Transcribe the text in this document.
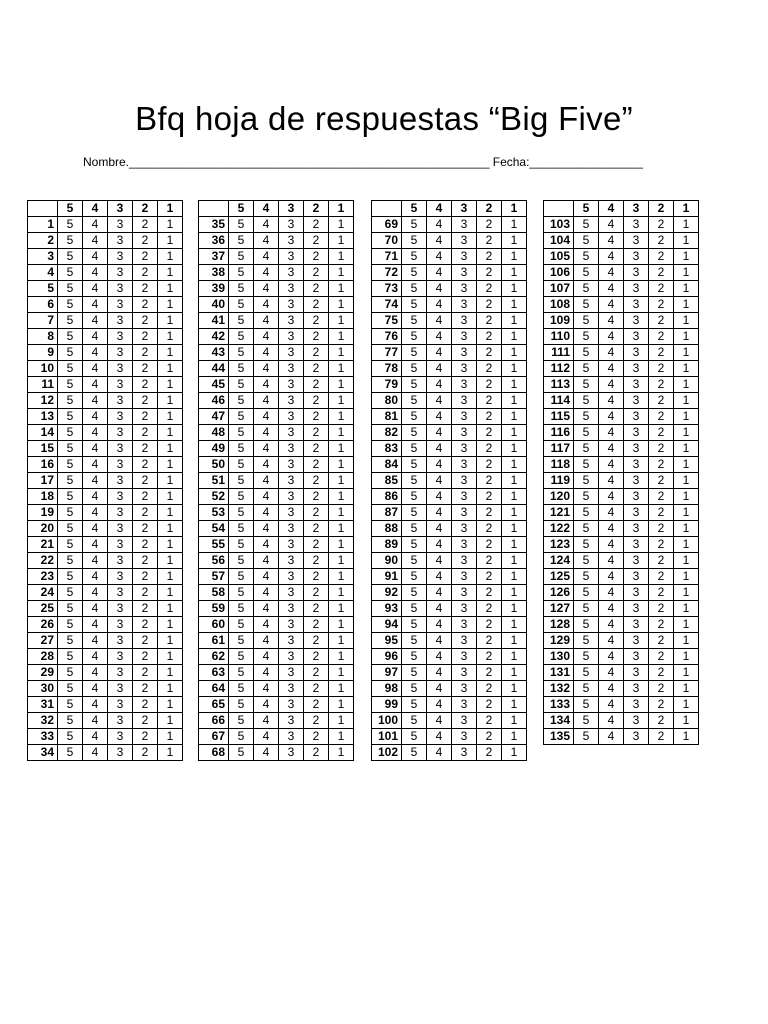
Bfq hoja de respuestas “Big Five”
Nombre.______________________________________________________ Fecha:_________________
	5	4	3	2	1
1	5	4	3	2	1
2	5	4	3	2	1
3	5	4	3	2	1
4	5	4	3	2	1
5	5	4	3	2	1
6	5	4	3	2	1
7	5	4	3	2	1
8	5	4	3	2	1
9	5	4	3	2	1
10	5	4	3	2	1
11	5	4	3	2	1
12	5	4	3	2	1
13	5	4	3	2	1
14	5	4	3	2	1
15	5	4	3	2	1
16	5	4	3	2	1
17	5	4	3	2	1
18	5	4	3	2	1
19	5	4	3	2	1
20	5	4	3	2	1
21	5	4	3	2	1
22	5	4	3	2	1
23	5	4	3	2	1
24	5	4	3	2	1
25	5	4	3	2	1
26	5	4	3	2	1
27	5	4	3	2	1
28	5	4	3	2	1
29	5	4	3	2	1
30	5	4	3	2	1
31	5	4	3	2	1
32	5	4	3	2	1
33	5	4	3	2	1
34	5	4	3	2	1
	5	4	3	2	1
35	5	4	3	2	1
36	5	4	3	2	1
37	5	4	3	2	1
38	5	4	3	2	1
39	5	4	3	2	1
40	5	4	3	2	1
41	5	4	3	2	1
42	5	4	3	2	1
43	5	4	3	2	1
44	5	4	3	2	1
45	5	4	3	2	1
46	5	4	3	2	1
47	5	4	3	2	1
48	5	4	3	2	1
49	5	4	3	2	1
50	5	4	3	2	1
51	5	4	3	2	1
52	5	4	3	2	1
53	5	4	3	2	1
54	5	4	3	2	1
55	5	4	3	2	1
56	5	4	3	2	1
57	5	4	3	2	1
58	5	4	3	2	1
59	5	4	3	2	1
60	5	4	3	2	1
61	5	4	3	2	1
62	5	4	3	2	1
63	5	4	3	2	1
64	5	4	3	2	1
65	5	4	3	2	1
66	5	4	3	2	1
67	5	4	3	2	1
68	5	4	3	2	1
	5	4	3	2	1
69	5	4	3	2	1
70	5	4	3	2	1
71	5	4	3	2	1
72	5	4	3	2	1
73	5	4	3	2	1
74	5	4	3	2	1
75	5	4	3	2	1
76	5	4	3	2	1
77	5	4	3	2	1
78	5	4	3	2	1
79	5	4	3	2	1
80	5	4	3	2	1
81	5	4	3	2	1
82	5	4	3	2	1
83	5	4	3	2	1
84	5	4	3	2	1
85	5	4	3	2	1
86	5	4	3	2	1
87	5	4	3	2	1
88	5	4	3	2	1
89	5	4	3	2	1
90	5	4	3	2	1
91	5	4	3	2	1
92	5	4	3	2	1
93	5	4	3	2	1
94	5	4	3	2	1
95	5	4	3	2	1
96	5	4	3	2	1
97	5	4	3	2	1
98	5	4	3	2	1
99	5	4	3	2	1
100	5	4	3	2	1
101	5	4	3	2	1
102	5	4	3	2	1
	5	4	3	2	1
103	5	4	3	2	1
104	5	4	3	2	1
105	5	4	3	2	1
106	5	4	3	2	1
107	5	4	3	2	1
108	5	4	3	2	1
109	5	4	3	2	1
110	5	4	3	2	1
111	5	4	3	2	1
112	5	4	3	2	1
113	5	4	3	2	1
114	5	4	3	2	1
115	5	4	3	2	1
116	5	4	3	2	1
117	5	4	3	2	1
118	5	4	3	2	1
119	5	4	3	2	1
120	5	4	3	2	1
121	5	4	3	2	1
122	5	4	3	2	1
123	5	4	3	2	1
124	5	4	3	2	1
125	5	4	3	2	1
126	5	4	3	2	1
127	5	4	3	2	1
128	5	4	3	2	1
129	5	4	3	2	1
130	5	4	3	2	1
131	5	4	3	2	1
132	5	4	3	2	1
133	5	4	3	2	1
134	5	4	3	2	1
135	5	4	3	2	1
